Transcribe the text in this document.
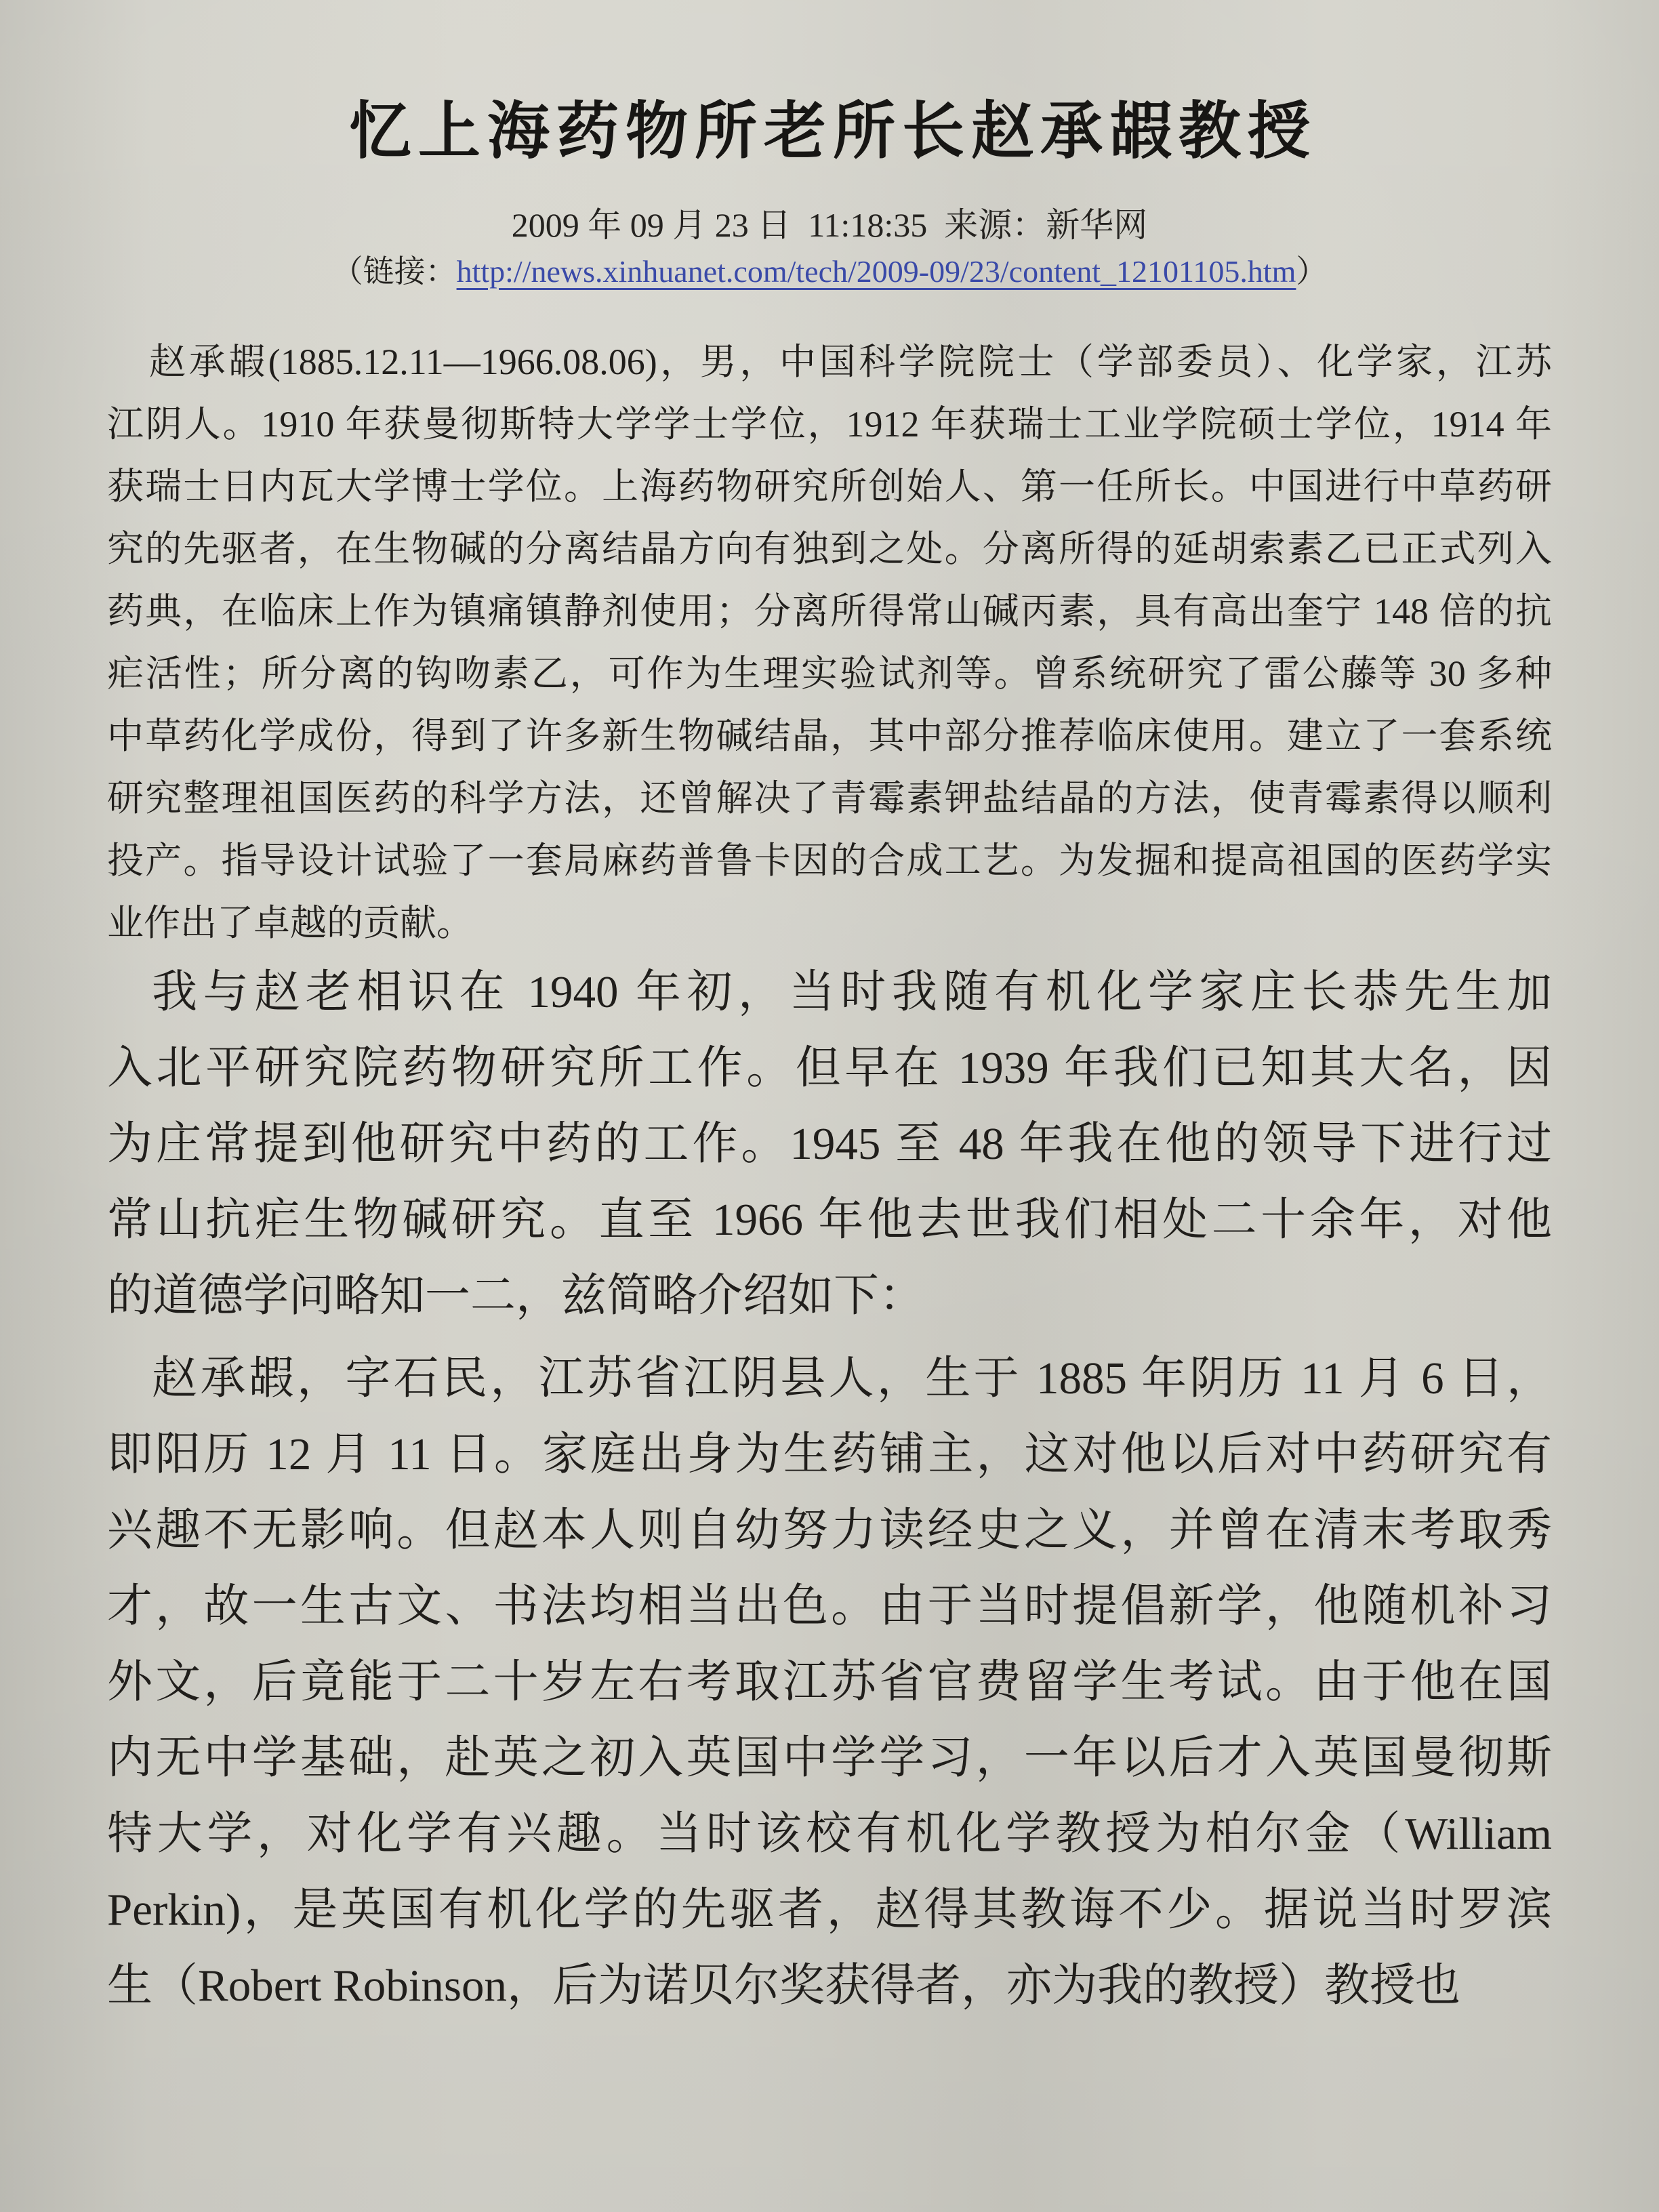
忆上海药物所老所长赵承嘏教授
2009 年 09 月 23 日  11:18:35  来源：新华网
（链接：http://news.xinhuanet.com/tech/2009-09/23/content_12101105.htm）
赵承嘏(1885.12.11—1966.08.06)，男，中国科学院院士（学部委员）、化学家，江苏
江阴人。1910 年获曼彻斯特大学学士学位，1912 年获瑞士工业学院硕士学位，1914 年
获瑞士日内瓦大学博士学位。上海药物研究所创始人、第一任所长。中国进行中草药研
究的先驱者，在生物碱的分离结晶方向有独到之处。分离所得的延胡索素乙已正式列入
药典，在临床上作为镇痛镇静剂使用；分离所得常山碱丙素，具有高出奎宁 148 倍的抗
疟活性；所分离的钩吻素乙，可作为生理实验试剂等。曾系统研究了雷公藤等 30 多种
中草药化学成份，得到了许多新生物碱结晶，其中部分推荐临床使用。建立了一套系统
研究整理祖国医药的科学方法，还曾解决了青霉素钾盐结晶的方法，使青霉素得以顺利
投产。指导设计试验了一套局麻药普鲁卡因的合成工艺。为发掘和提高祖国的医药学实
业作出了卓越的贡献。
我与赵老相识在 1940 年初，当时我随有机化学家庄长恭先生加
入北平研究院药物研究所工作。但早在 1939 年我们已知其大名，因
为庄常提到他研究中药的工作。1945 至 48 年我在他的领导下进行过
常山抗疟生物碱研究。直至 1966 年他去世我们相处二十余年，对他
的道德学问略知一二，兹简略介绍如下：
赵承嘏，字石民，江苏省江阴县人，生于 1885 年阴历 11 月 6 日，
即阳历 12 月 11 日。家庭出身为生药铺主，这对他以后对中药研究有
兴趣不无影响。但赵本人则自幼努力读经史之义，并曾在清末考取秀
才，故一生古文、书法均相当出色。由于当时提倡新学，他随机补习
外文，后竟能于二十岁左右考取江苏省官费留学生考试。由于他在国
内无中学基础，赴英之初入英国中学学习，一年以后才入英国曼彻斯
特大学，对化学有兴趣。当时该校有机化学教授为柏尔金（William
Perkin)，是英国有机化学的先驱者，赵得其教诲不少。据说当时罗滨
生（Robert Robinson，后为诺贝尔奖获得者，亦为我的教授）教授也
